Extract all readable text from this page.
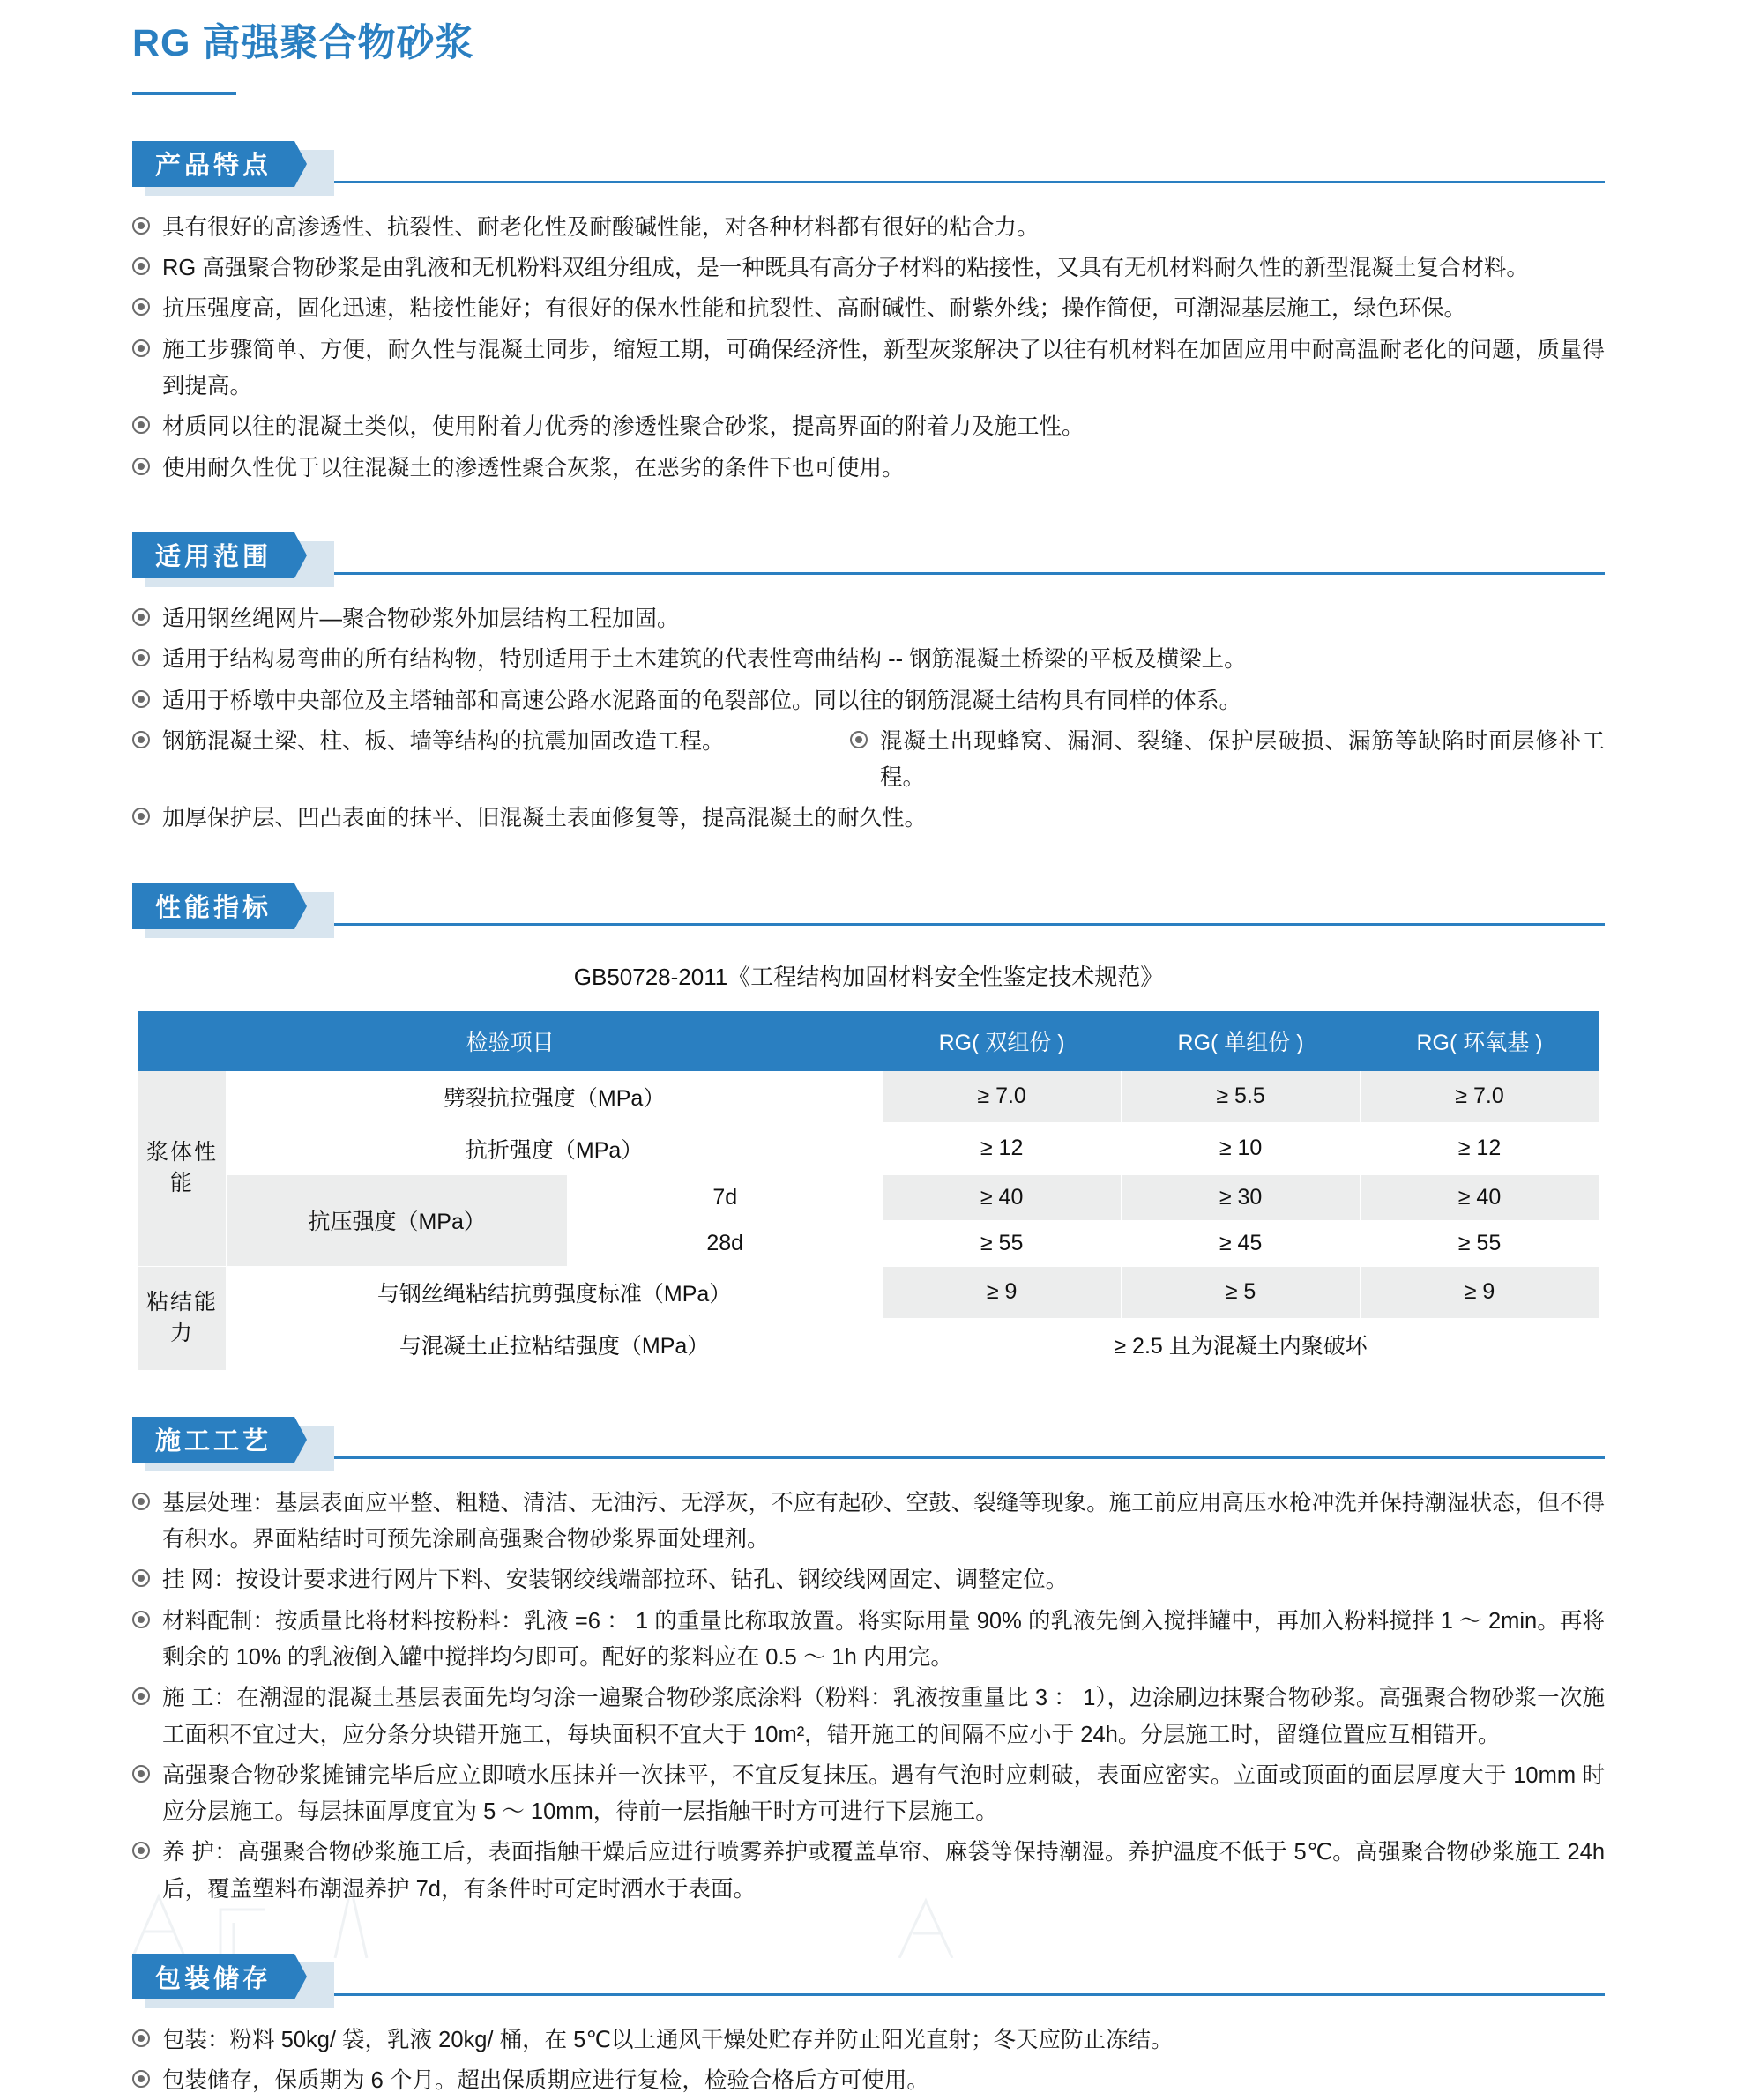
RG 高强聚合物砂浆
产品特点
具有很好的高渗透性、抗裂性、耐老化性及耐酸碱性能，对各种材料都有很好的粘合力。
RG 高强聚合物砂浆是由乳液和无机粉料双组分组成，是一种既具有高分子材料的粘接性，又具有无机材料耐久性的新型混凝土复合材料。
抗压强度高，固化迅速，粘接性能好；有很好的保水性能和抗裂性、高耐碱性、耐紫外线；操作简便，可潮湿基层施工，绿色环保。
施工步骤简单、方便，耐久性与混凝土同步，缩短工期，可确保经济性，新型灰浆解决了以往有机材料在加固应用中耐高温耐老化的问题，质量得到提高。
材质同以往的混凝土类似，使用附着力优秀的渗透性聚合砂浆，提高界面的附着力及施工性。
使用耐久性优于以往混凝土的渗透性聚合灰浆，在恶劣的条件下也可使用。
适用范围
适用钢丝绳网片—聚合物砂浆外加层结构工程加固。
适用于结构易弯曲的所有结构物，特别适用于土木建筑的代表性弯曲结构 -- 钢筋混凝土桥梁的平板及横梁上。
适用于桥墩中央部位及主塔轴部和高速公路水泥路面的龟裂部位。同以往的钢筋混凝土结构具有同样的体系。
钢筋混凝土梁、柱、板、墙等结构的抗震加固改造工程。	混凝土出现蜂窝、漏洞、裂缝、保护层破损、漏筋等缺陷时面层修补工程。
加厚保护层、凹凸表面的抹平、旧混凝土表面修复等，提高混凝土的耐久性。
性能指标
GB50728-2011《工程结构加固材料安全性鉴定技术规范》
检验项目			RG( 双组份 )	RG( 单组份 )	RG( 环氧基 )
浆体性能	劈裂抗拉强度（MPa）		≥ 7.0	≥ 5.5	≥ 7.0
	抗折强度（MPa）		≥ 12	≥ 10	≥ 12
	抗压强度（MPa）	7d	≥ 40	≥ 30	≥ 40
		28d	≥ 55	≥ 45	≥ 55
粘结能力	与钢丝绳粘结抗剪强度标准（MPa）		≥ 9	≥ 5	≥ 9
	与混凝土正拉粘结强度（MPa）		≥ 2.5 且为混凝土内聚破坏		
施工工艺
基层处理：基层表面应平整、粗糙、清洁、无油污、无浮灰，不应有起砂、空鼓、裂缝等现象。施工前应用高压水枪冲洗并保持潮湿状态，但不得有积水。界面粘结时可预先涂刷高强聚合物砂浆界面处理剂。
挂 网：按设计要求进行网片下料、安装钢绞线端部拉环、钻孔、钢绞线网固定、调整定位。
材料配制：按质量比将材料按粉料：乳液 =6 ： 1 的重量比称取放置。将实际用量 90% 的乳液先倒入搅拌罐中，再加入粉料搅拌 1 ～ 2min。再将剩余的 10% 的乳液倒入罐中搅拌均匀即可。配好的浆料应在 0.5 ～ 1h 内用完。
施 工：在潮湿的混凝土基层表面先均匀涂一遍聚合物砂浆底涂料（粉料：乳液按重量比 3 ： 1），边涂刷边抹聚合物砂浆。高强聚合物砂浆一次施工面积不宜过大，应分条分块错开施工，每块面积不宜大于 10m²，错开施工的间隔不应小于 24h。分层施工时，留缝位置应互相错开。
高强聚合物砂浆摊铺完毕后应立即喷水压抹并一次抹平，不宜反复抹压。遇有气泡时应刺破，表面应密实。立面或顶面的面层厚度大于 10mm 时应分层施工。每层抹面厚度宜为 5 ～ 10mm，待前一层指触干时方可进行下层施工。
养 护：高强聚合物砂浆施工后，表面指触干燥后应进行喷雾养护或覆盖草帘、麻袋等保持潮湿。养护温度不低于 5℃。高强聚合物砂浆施工 24h 后，覆盖塑料布潮湿养护 7d，有条件时可定时洒水于表面。
包装储存
包装：粉料 50kg/ 袋，乳液 20kg/ 桶，在 5℃以上通风干燥处贮存并防止阳光直射；冬天应防止冻结。
包装储存，保质期为 6 个月。超出保质期应进行复检，检验合格后方可使用。
